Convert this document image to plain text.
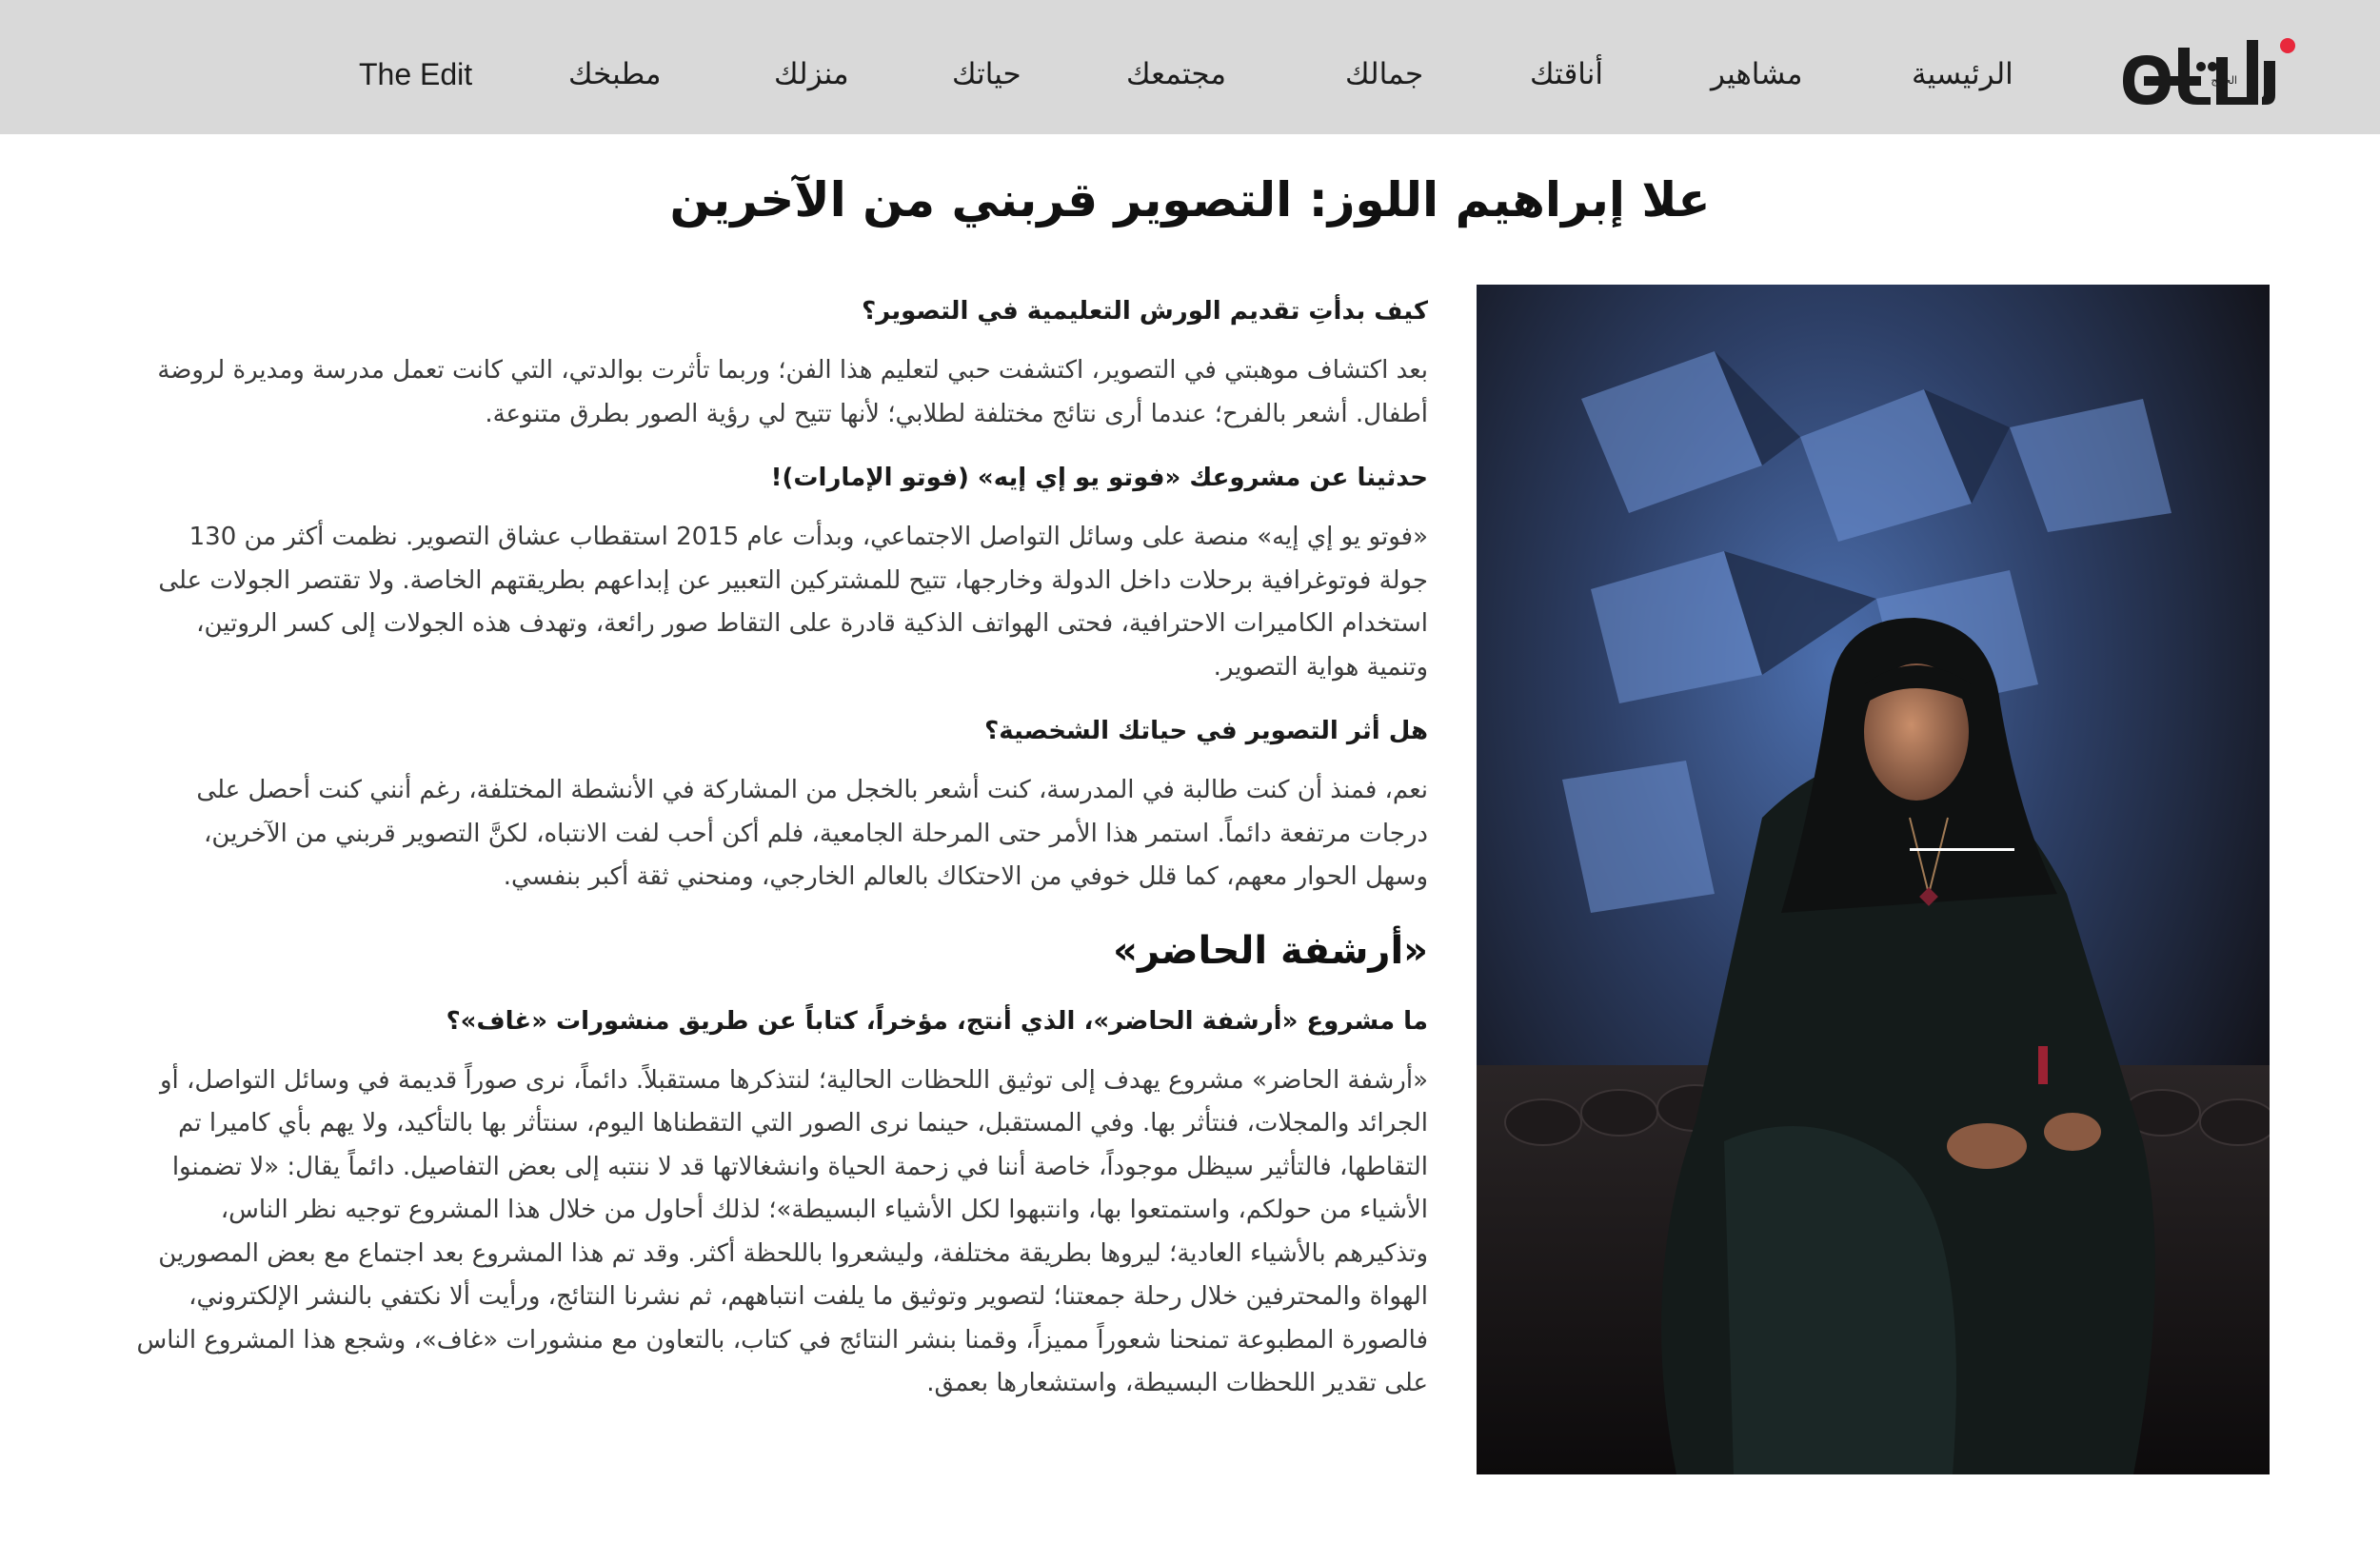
الخليج
الرئيسية
مشاهير
أناقتك
جمالك
مجتمعك
حياتك
منزلك
مطبخك
The Edit
علا إبراهيم اللوز: التصوير قربني من الآخرين
كيف بدأتِ تقديم الورش التعليمية في التصوير؟

بعد اكتشاف موهبتي في التصوير، اكتشفت حبي لتعليم هذا الفن؛ وربما تأثرت بوالدتي، التي كانت تعمل مدرسة ومديرة لروضة أطفال. أشعر بالفرح؛ عندما أرى نتائج مختلفة لطلابي؛ لأنها تتيح لي رؤية الصور بطرق متنوعة.

حدثينا عن مشروعك «فوتو يو إي إيه» (فوتو الإمارات)!

«فوتو يو إي إيه» منصة على وسائل التواصل الاجتماعي، وبدأت عام 2015 استقطاب عشاق التصوير. نظمت أكثر من 130 جولة فوتوغرافية برحلات داخل الدولة وخارجها، تتيح للمشتركين التعبير عن إبداعهم بطريقتهم الخاصة. ولا تقتصر الجولات على استخدام الكاميرات الاحترافية، فحتى الهواتف الذكية قادرة على التقاط صور رائعة، وتهدف هذه الجولات إلى كسر الروتين، وتنمية هواية التصوير.

هل أثر التصوير في حياتك الشخصية؟

نعم، فمنذ أن كنت طالبة في المدرسة، كنت أشعر بالخجل من المشاركة في الأنشطة المختلفة، رغم أنني كنت أحصل على درجات مرتفعة دائماً. استمر هذا الأمر حتى المرحلة الجامعية، فلم أكن أحب لفت الانتباه، لكنَّ التصوير قربني من الآخرين، وسهل الحوار معهم، كما قلل خوفي من الاحتكاك بالعالم الخارجي، ومنحني ثقة أكبر بنفسي.

«أرشفة الحاضر»
ما مشروع «أرشفة الحاضر»، الذي أنتج، مؤخراً، كتاباً عن طريق منشورات «غاف»؟

«أرشفة الحاضر» مشروع يهدف إلى توثيق اللحظات الحالية؛ لنتذكرها مستقبلاً. دائماً، نرى صوراً قديمة في وسائل التواصل، أو الجرائد والمجلات، فنتأثر بها. وفي المستقبل، حينما نرى الصور التي التقطناها اليوم، سنتأثر بها بالتأكيد، ولا يهم بأي كاميرا تم التقاطها، فالتأثير سيظل موجوداً، خاصة أننا في زحمة الحياة وانشغالاتها قد لا ننتبه إلى بعض التفاصيل. دائماً يقال: «لا تضمنوا الأشياء من حولكم، واستمتعوا بها، وانتبهوا لكل الأشياء البسيطة»؛ لذلك أحاول من خلال هذا المشروع توجيه نظر الناس، وتذكيرهم بالأشياء العادية؛ ليروها بطريقة مختلفة، وليشعروا باللحظة أكثر. وقد تم هذا المشروع بعد اجتماع مع بعض المصورين الهواة والمحترفين خلال رحلة جمعتنا؛ لتصوير وتوثيق ما يلفت انتباههم، ثم نشرنا النتائج، ورأيت ألا نكتفي بالنشر الإلكتروني، فالصورة المطبوعة تمنحنا شعوراً مميزاً، وقمنا بنشر النتائج في كتاب، بالتعاون مع منشورات «غاف»، وشجع هذا المشروع الناس على تقدير اللحظات البسيطة، واستشعارها بعمق.
